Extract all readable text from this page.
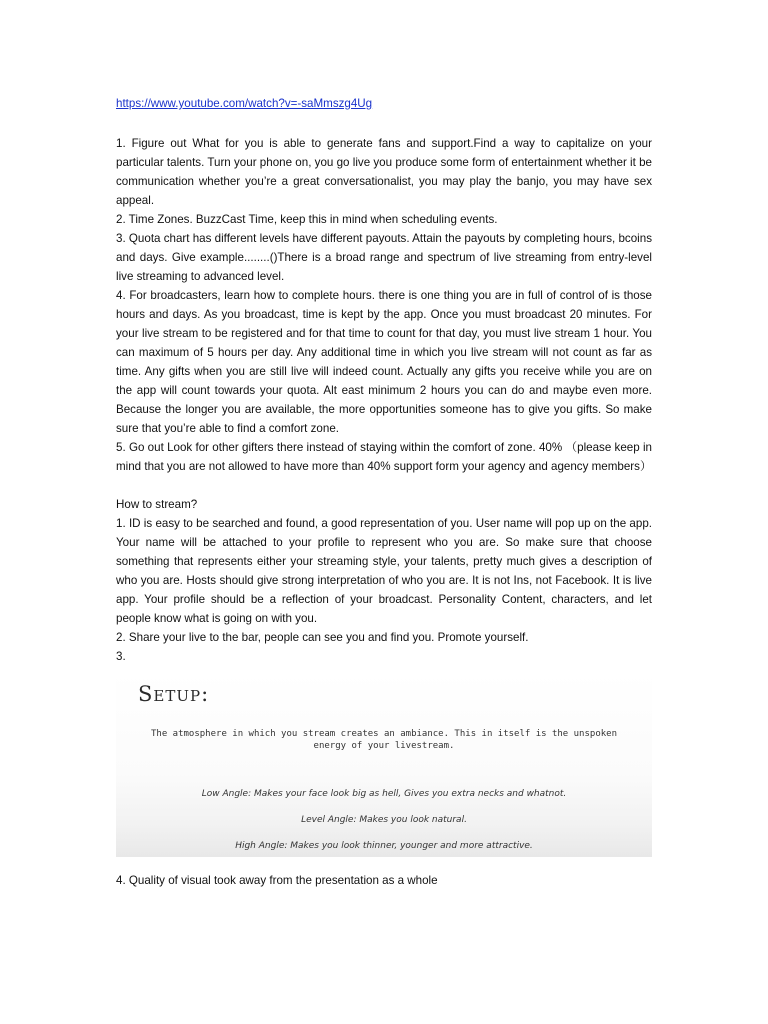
https://www.youtube.com/watch?v=-saMmszg4Ug

1. Figure out What for you is able to generate fans and support.Find a way to capitalize on your particular talents. Turn your phone on, you go live you produce some form of entertainment whether it be communication whether you’re a great conversationalist, you may play the banjo, you may have sex appeal.

2. Time Zones. BuzzCast Time, keep this in mind when scheduling events.

3. Quota chart has different levels have different payouts. Attain the payouts by completing hours, bcoins and days. Give example........()There is a broad range and spectrum of live streaming from entry-level live streaming to advanced level.

4. For broadcasters, learn how to complete hours. there is one thing you are in full of control of is those hours and days. As you broadcast, time is kept by the app. Once you must broadcast 20 minutes. For your live stream to be registered and for that time to count for that day, you must live stream 1 hour. You can maximum of 5 hours per day. Any additional time in which you live stream will not count as far as time. Any gifts when you are still live will indeed count. Actually any gifts you receive while you are on the app will count towards your quota. Alt east minimum 2 hours you can do and maybe even more. Because the longer you are available, the more opportunities someone has to give you gifts. So make sure that you’re able to find a comfort zone.

5. Go out Look for other gifters there instead of staying within the comfort of zone. 40% （please keep in mind that you are not allowed to have more than 40% support form your agency and agency members）

How to stream?

1. ID is easy to be searched and found, a good representation of you. User name will pop up on the app. Your name will be attached to your profile to represent who you are. So make sure that choose something that represents either your streaming style, your talents, pretty much gives a description of who you are. Hosts should give strong interpretation of who you are. It is not Ins, not Facebook. It is live app. Your profile should be a reflection of your broadcast. Personality Content, characters, and let people know what is going on with you.

2. Share your live to the bar, people can see you and find you. Promote yourself.

3.

Setup:
The atmosphere in which you stream creates an ambiance. This in itself is the unspoken
energy of your livestream.
Low Angle: Makes your face look big as hell, Gives you extra necks and whatnot.
Level Angle: Makes you look natural.
High Angle: Makes you look thinner, younger and more attractive.

4. Quality of visual took away from the presentation as a whole
